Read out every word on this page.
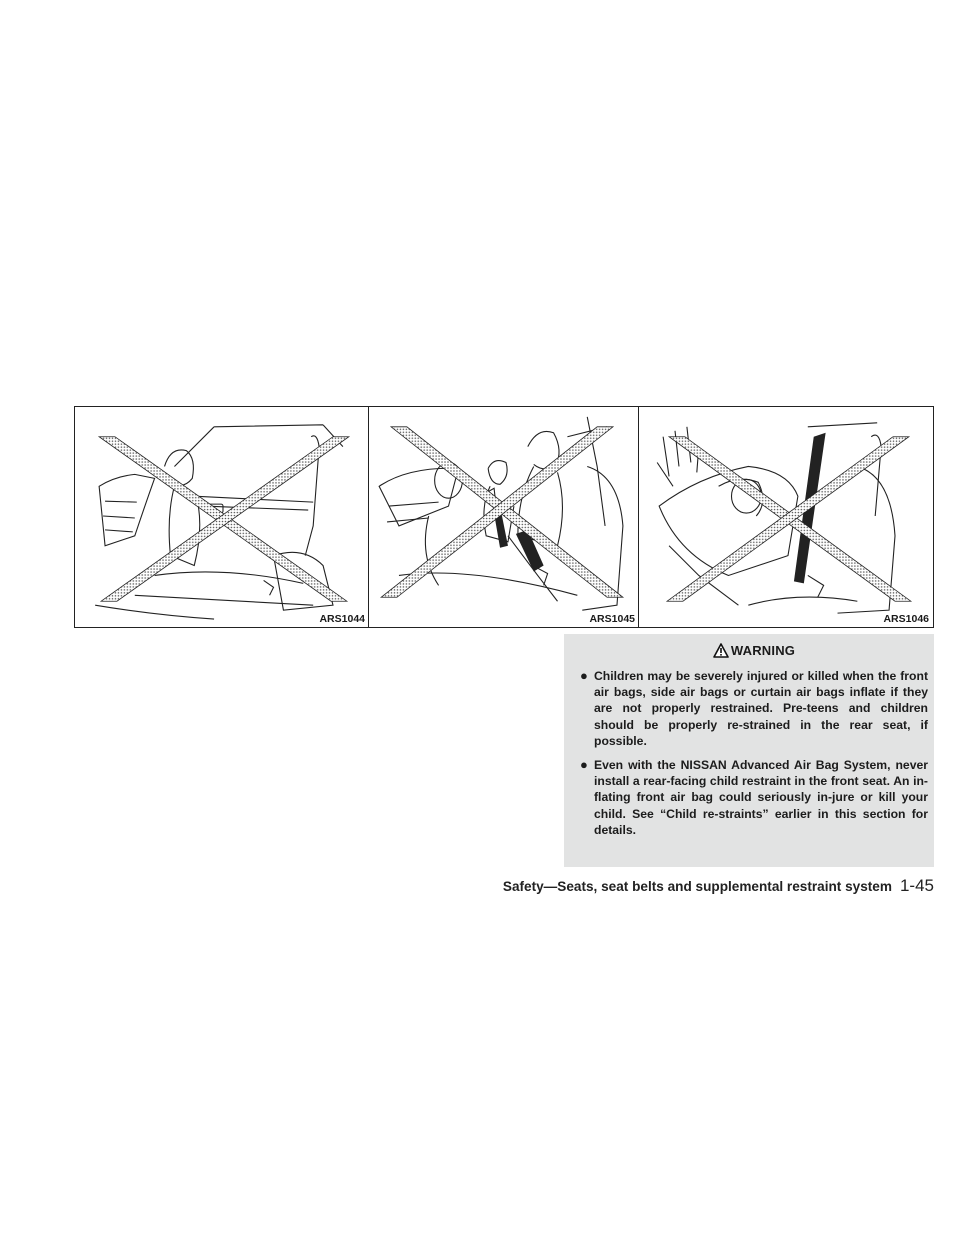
ARS1044	ARS1045	ARS1046
WARNING
● Children may be severely injured or killed when the front air bags, side air bags or curtain air bags inflate if they are not properly restrained. Pre-teens and children should be properly re-strained in the rear seat, if possible.
● Even with the NISSAN Advanced Air Bag System, never install a rear-facing child restraint in the front seat. An in-flating front air bag could seriously in-jure or kill your child. See “Child re-straints” earlier in this section for details.
Safety—Seats, seat belts and supplemental restraint system 1-45
